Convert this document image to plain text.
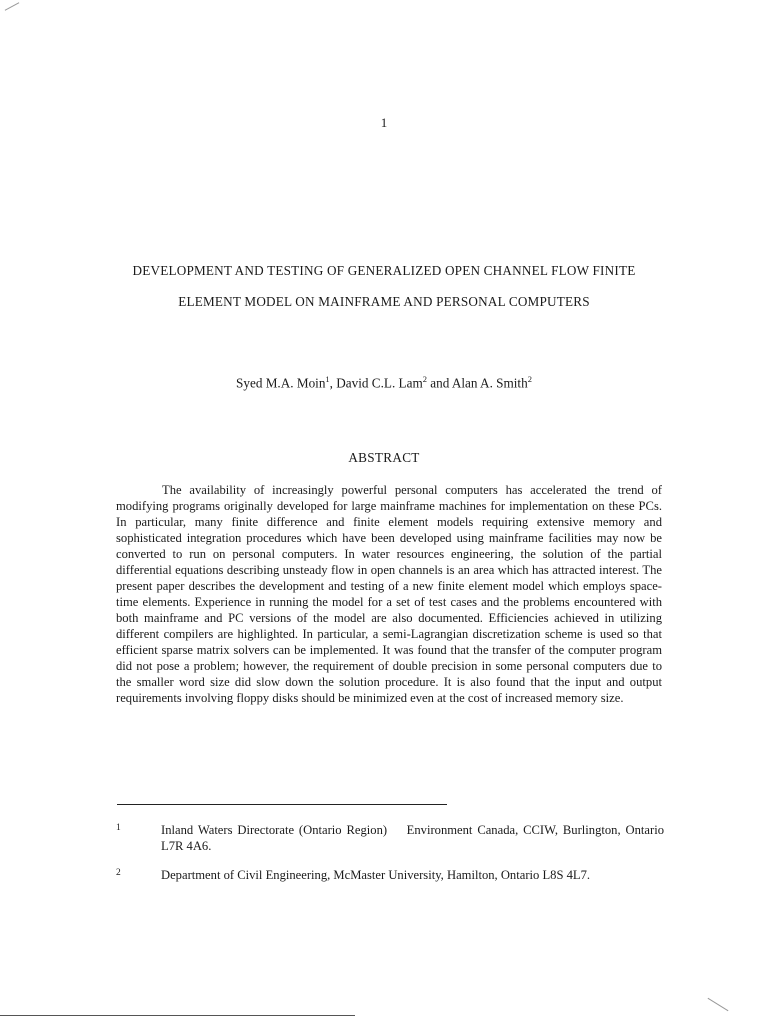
1
DEVELOPMENT AND TESTING OF GENERALIZED OPEN CHANNEL FLOW FINITE
ELEMENT MODEL ON MAINFRAME AND PERSONAL COMPUTERS
Syed M.A. Moin$^1$, David C.L. Lam$^2$ and Alan A. Smith$^2$
ABSTRACT

The availability of increasingly powerful personal computers has accelerated the trend of modifying programs originally developed for large mainframe machines for implementation on these PCs. In particular, many finite difference and finite element models requiring extensive memory and sophisticated integration procedures which have been developed using mainframe facilities may now be converted to run on personal computers. In water resources engineering, the solution of the partial differential equations describing unsteady flow in open channels is an area which has attracted interest. The present paper describes the development and testing of a new finite element model which employs space-time elements. Experience in running the model for a set of test cases and the problems encountered with both mainframe and PC versions of the model are also documented. Efficiencies achieved in utilizing different compilers are highlighted. In particular, a semi-Lagrangian discretization scheme is used so that efficient sparse matrix solvers can be implemented. It was found that the transfer of the computer program did not pose a problem; however, the requirement of double precision in some personal computers due to the smaller word size did slow down the solution procedure. It is also found that the input and output requirements involving floppy disks should be minimized even at the cost of increased memory size.

1	Inland Waters Directorate (Ontario Region)    Environment Canada, CCIW, Burlington, Ontario L7R 4A6.
2	Department of Civil Engineering, McMaster University, Hamilton, Ontario L8S 4L7.
